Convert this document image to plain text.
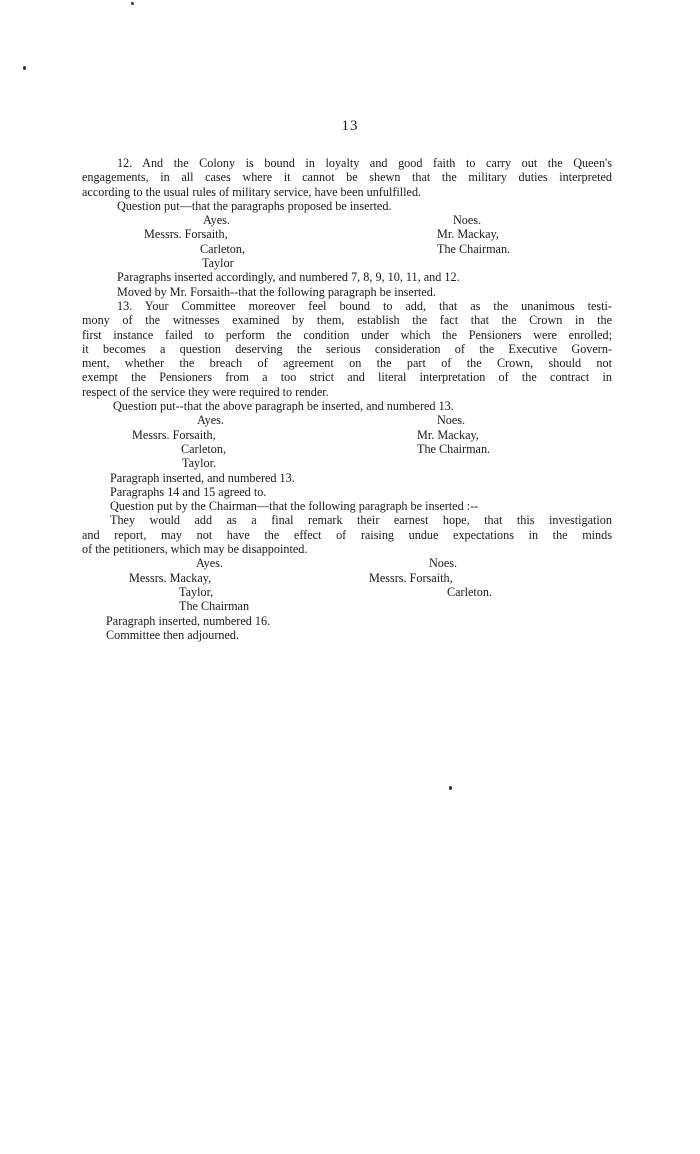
13
12. And the Colony is bound in loyalty and good faith to carry out the Queen's
engagements, in all cases where it cannot be shewn that the military duties interpreted
according to the usual rules of military service, have been unfulfilled.
Question put—that the paragraphs proposed be inserted.
Ayes.	Noes.
Messrs. Forsaith,	Mr. Mackay,
Carleton,	The Chairman.
Taylor
Paragraphs inserted accordingly, and numbered 7, 8, 9, 10, 11, and 12.
Moved by Mr. Forsaith--that the following paragraph be inserted.
13. Your Committee moreover feel bound to add, that as the unanimous testi-
mony of the witnesses examined by them, establish the fact that the Crown in the
first instance failed to perform the condition under which the Pensioners were enrolled;
it becomes a question deserving the serious consideration of the Executive Govern-
ment, whether the breach of agreement on the part of the Crown, should not
exempt the Pensioners from a too strict and literal interpretation of the contract in
respect of the service they were required to render.
Question put--that the above paragraph be inserted, and numbered 13.
Ayes.	Noes.
Messrs. Forsaith,	Mr. Mackay,
Carleton,	The Chairman.
Taylor.
Paragraph inserted, and numbered 13.
Paragraphs 14 and 15 agreed to.
Question put by the Chairman—that the following paragraph be inserted :--
They would add as a final remark their earnest hope, that this investigation
and report, may not have the effect of raising undue expectations in the minds
of the petitioners, which may be disappointed.
Ayes.	Noes.
Messrs. Mackay,	Messrs. Forsaith,
Taylor,	Carleton.
The Chairman
Paragraph inserted, numbered 16.
Committee then adjourned.
